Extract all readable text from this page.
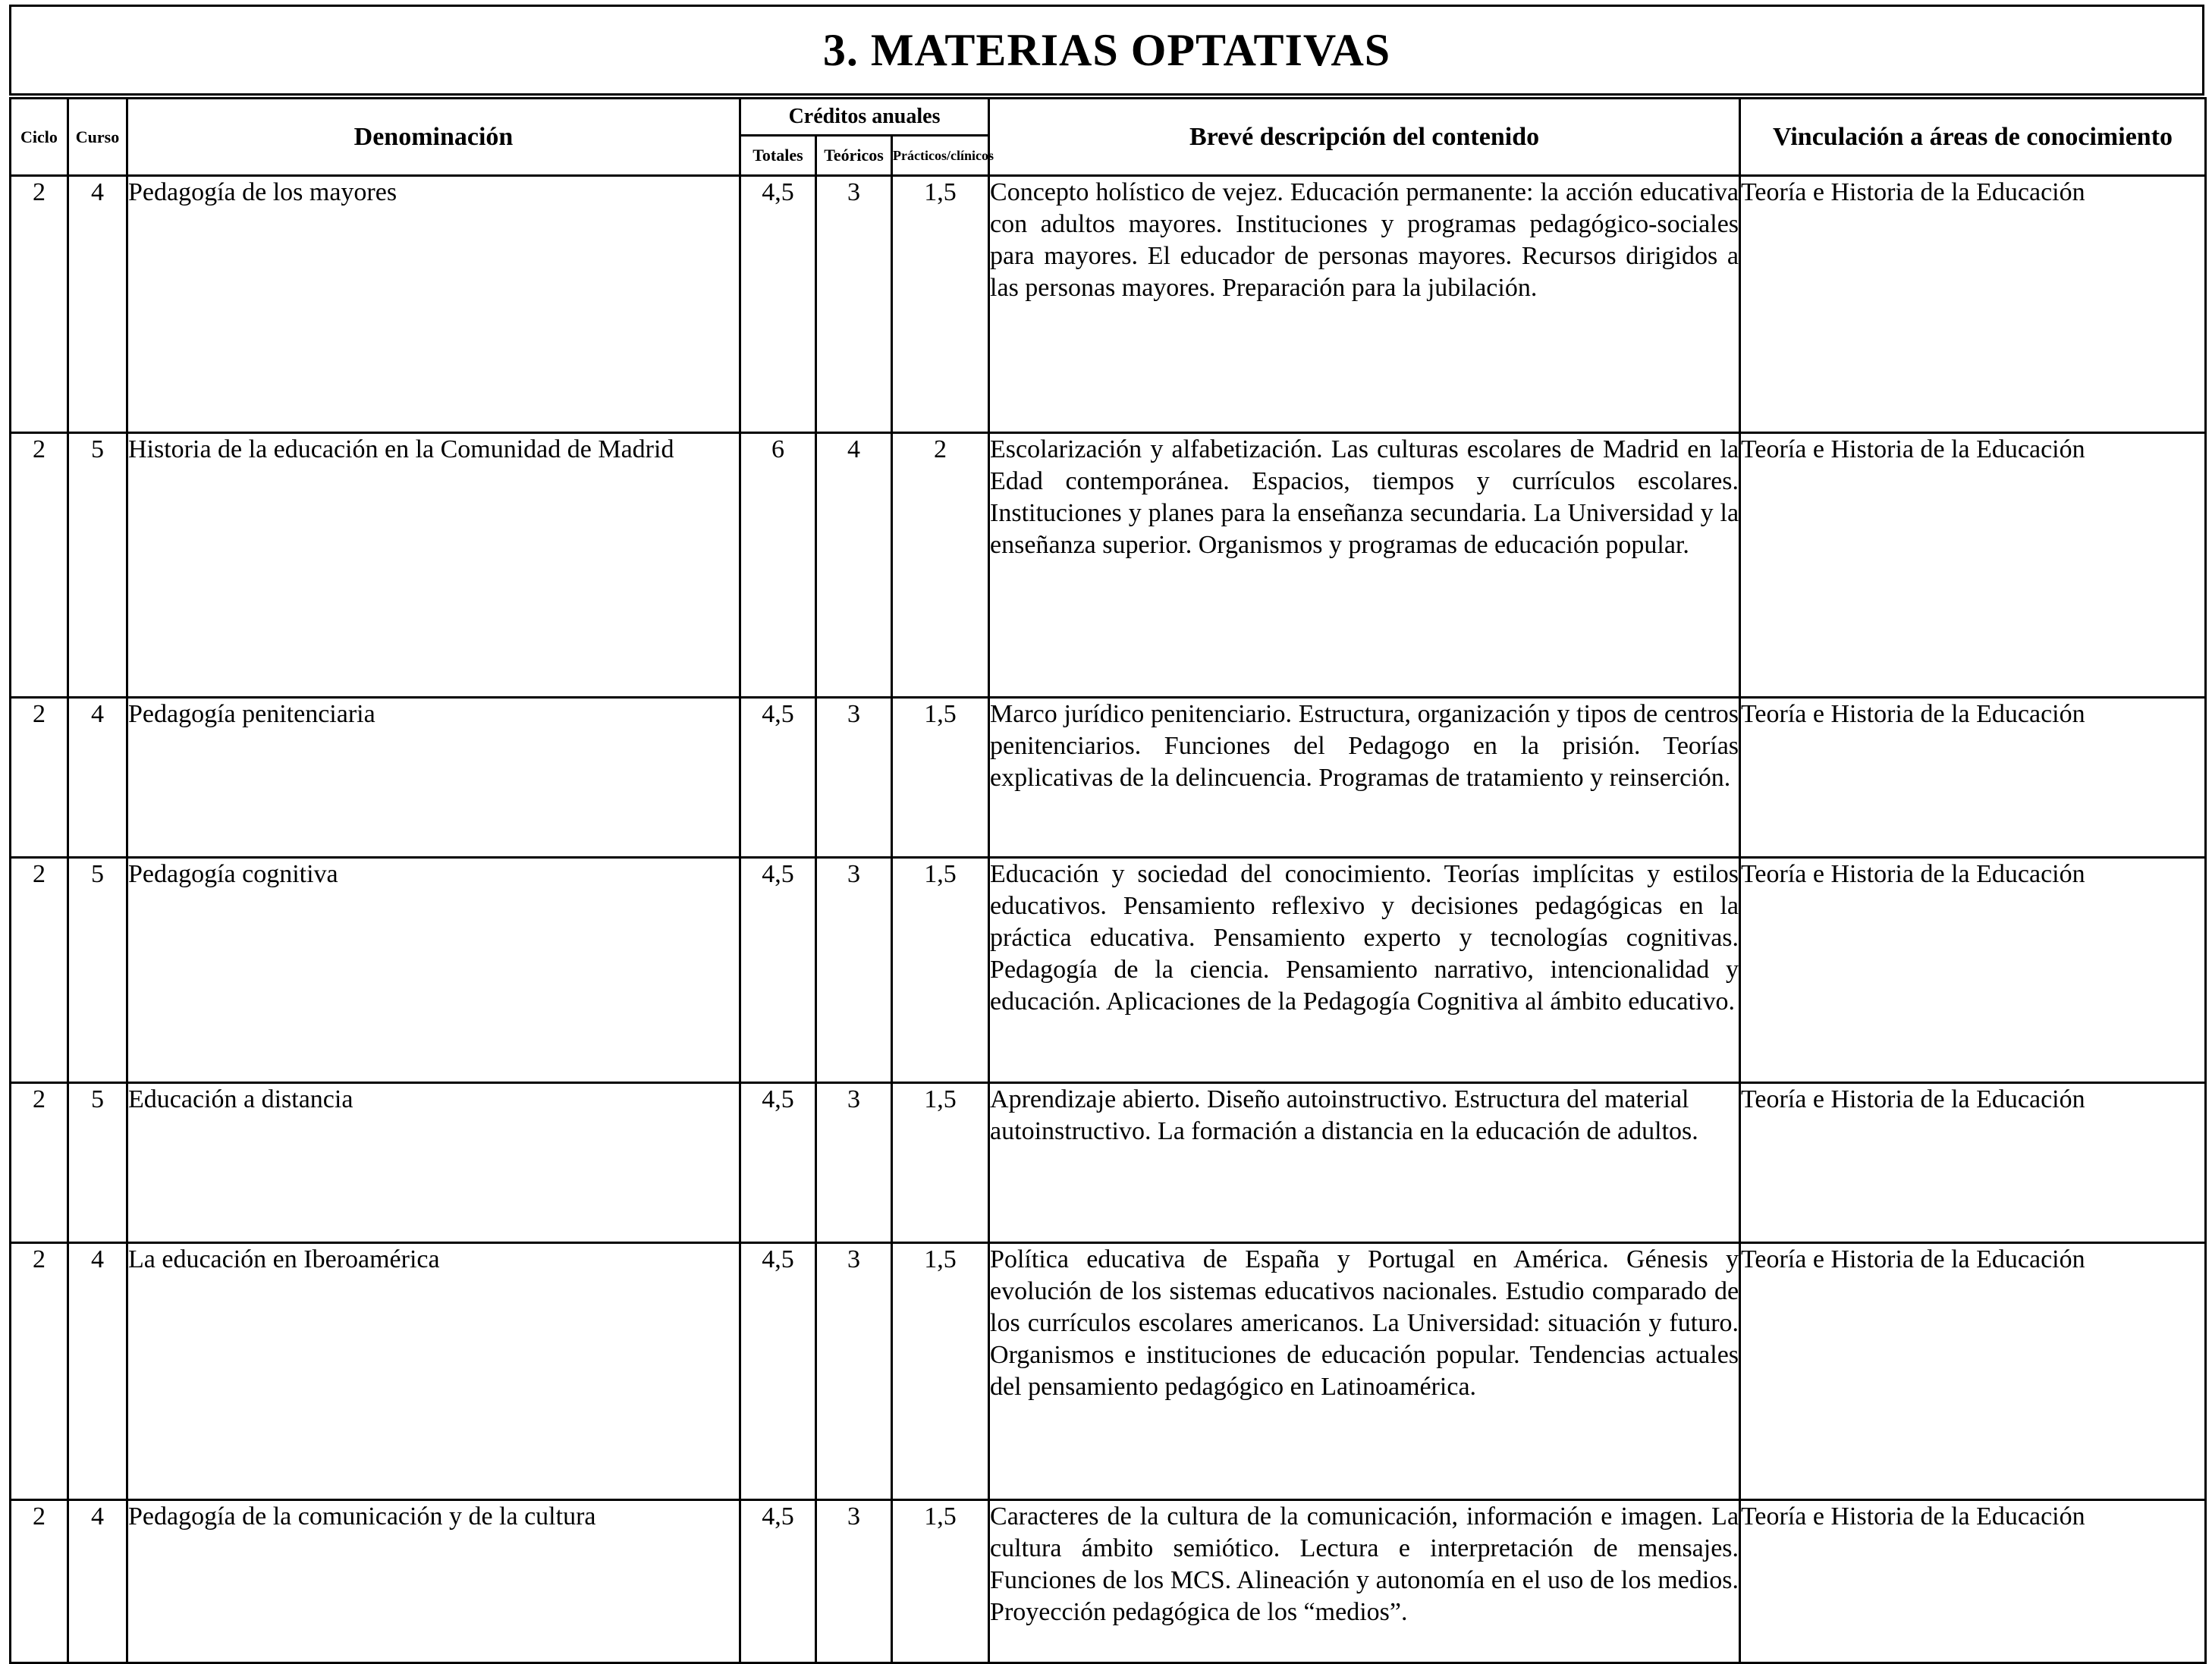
3. MATERIAS OPTATIVAS
Ciclo	Curso	Denominación	Créditos anuales			Brevé descripción del contenido	Vinculación a áreas de conocimiento
			Totales	Teóricos	Prácticos/clínicos		
2	4	Pedagogía de los mayores	4,5	3	1,5	Concepto holístico de vejez. Educación permanente: la acción educativa con adultos mayores. Instituciones y programas pedagógico-sociales para mayores. El educador de personas mayores. Recursos dirigidos a las personas mayores. Preparación para la jubilación.	Teoría e Historia de la Educación
2	5	Historia de la educación en la Comunidad de Madrid	6	4	2	Escolarización y alfabetización. Las culturas escolares de Madrid en la Edad contemporánea. Espacios, tiempos y currículos escolares. Instituciones y planes para la enseñanza secundaria. La Universidad y la enseñanza superior. Organismos y programas de educación popular.	Teoría e Historia de la Educación
2	4	Pedagogía penitenciaria	4,5	3	1,5	Marco jurídico penitenciario. Estructura, organización y tipos de centros penitenciarios. Funciones del Pedagogo en la prisión. Teorías explicativas de la delincuencia. Programas de tratamiento y reinserción.	Teoría e Historia de la Educación
2	5	Pedagogía cognitiva	4,5	3	1,5	Educación y sociedad del conocimiento. Teorías implícitas y estilos educativos. Pensamiento reflexivo y decisiones pedagógicas en la práctica educativa. Pensamiento experto y tecnologías cognitivas. Pedagogía de la ciencia. Pensamiento narrativo, intencionalidad y educación. Aplicaciones de la Pedagogía Cognitiva al ámbito educativo.	Teoría e Historia de la Educación
2	5	Educación a distancia	4,5	3	1,5	Aprendizaje abierto. Diseño autoinstructivo. Estructura del material autoinstructivo. La formación a distancia en la educación de adultos.	Teoría e Historia de la Educación
2	4	La educación en Iberoamérica	4,5	3	1,5	Política educativa de España y Portugal en América. Génesis y evolución de los sistemas educativos nacionales. Estudio comparado de los currículos escolares americanos. La Universidad: situación y futuro. Organismos e instituciones de educación popular. Tendencias actuales del pensamiento pedagógico en Latinoamérica.	Teoría e Historia de la Educación
2	4	Pedagogía de la comunicación y de la cultura	4,5	3	1,5	Caracteres de la cultura de la comunicación, información e imagen. La cultura ámbito semiótico. Lectura e interpretación de mensajes. Funciones de los MCS. Alineación y autonomía en el uso de los medios. Proyección pedagógica de los “medios”.	Teoría e Historia de la Educación
